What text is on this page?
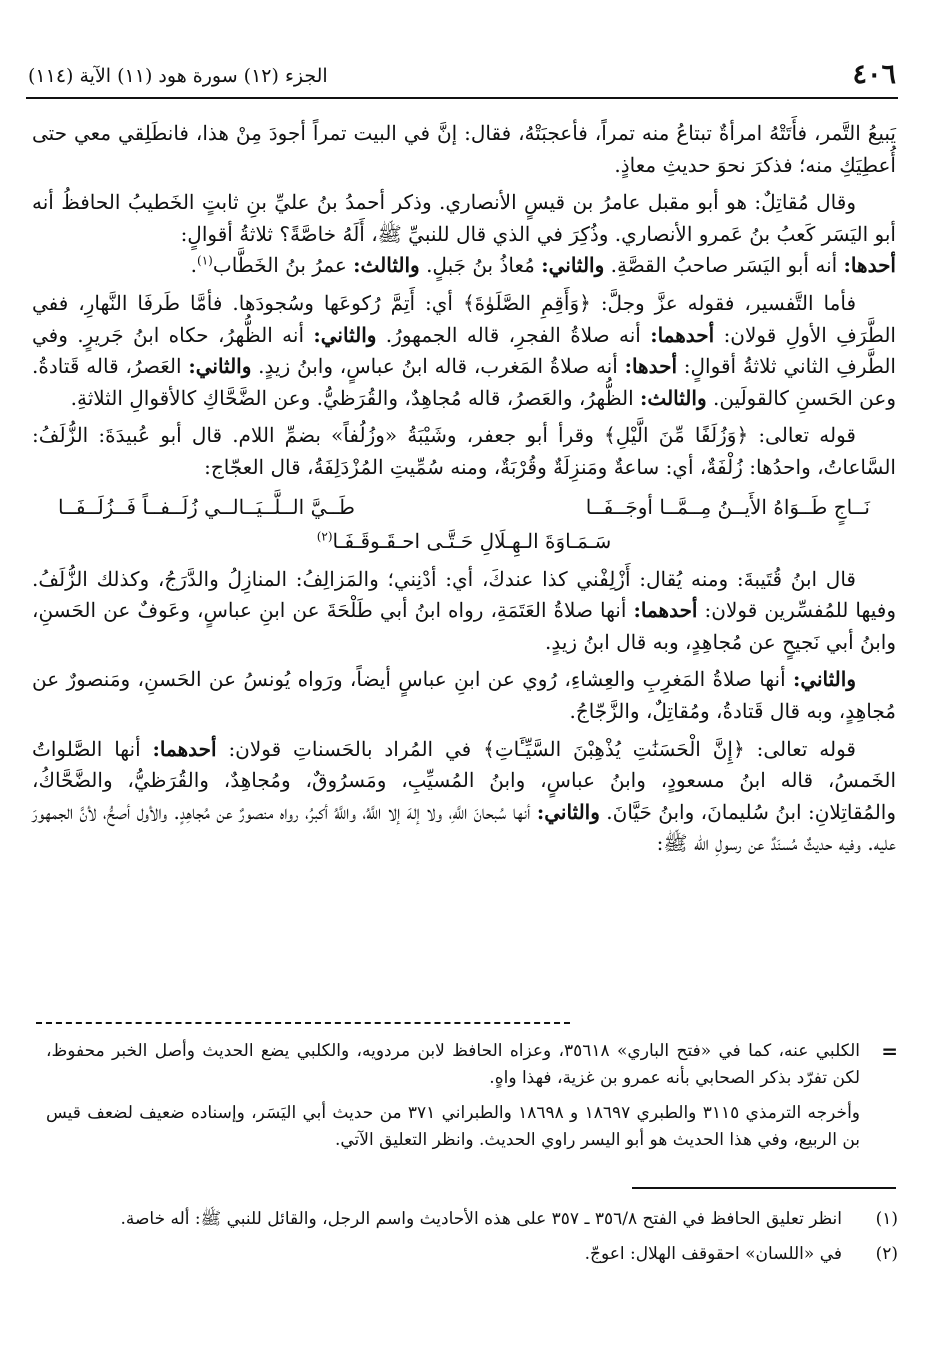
٤٠٦
الجزء (١٢) سورة هود (١١) الآية (١١٤)

يَبيعُ التَّمر، فأَتَتْهُ امرأةٌ تبتاعُ منه تمراً، فأعجبَتْهُ، فقال: إنَّ في البيت تمراً أجودَ مِنْ هذا، فانطَلِقي معي حتى أُعطِيَكِ منه؛ فذكرَ نحوَ حديثِ معاذٍ.

وقال مُقاتِلٌ: هو أبو مقبل عامرُ بن قيسٍ الأنصاري. وذكر أحمدُ بنُ عليِّ بنِ ثابتٍ الخَطيبُ الحافظُ أنه أبو اليَسَر كَعبُ بنُ عَمرو الأنصاري. وذُكِرَ في الذي قال للنبيِّ ﷺ، أَلَهُ خاصَّةً؟ ثلاثةُ أقوالٍ:
أحدها: أنه أبو اليَسَر صاحبُ القصَّةِ. والثاني: مُعاذُ بنُ جَبلٍ. والثالث: عمرُ بنُ الخَطَّاب$^{(١)}$.

فأما التَّفسير، فقوله عزَّ وجلَّ: ﴿وَأَقِمِ الصَّلَوٰةَ﴾ أي: أَتِمَّ رُكوعَها وسُجودَها. فأمَّا طَرفَا النَّهارِ، ففي الطَّرَفِ الأولِ قولان: أحدهما: أنه صلاةُ الفجرِ، قاله الجمهورُ. والثاني: أنه الظُّهرُ، حكاه ابنُ جَريرٍ. وفي الطَّرفِ الثاني ثلاثةُ أقوالٍ: أحدها: أنه صلاةُ المَغرب، قاله ابنُ عباسٍ، وابنُ زيدٍ. والثاني: العَصرُ، قاله قَتادةُ. وعن الحَسنِ كالقولَين. والثالث: الظُّهرُ، والعَصرُ، قاله مُجاهِدٌ، والقُرَظيُّ. وعن الضَّحَّاكِ كالأقوالِ الثلاثةِ.

قوله تعالى: ﴿وَزُلَفًا مِّنَ الَّيْلِ﴾ وقرأ أبو جعفر، وشَيْبَةُ «وزُلُفاً» بضمِّ اللام. قال أبو عُبيدَةَ: الزُّلَفُ: السَّاعاتُ، واحدُها: زُلْفَةٌ، أي: ساعةٌ ومَنزِلَةٌ وقُرْبَةٌ، ومنه سُمِّيتِ المُزْدَلِفَةُ، قال العجّاج:

نَــاجٍ طَــوَاهُ الأَيــنُ مِــمَّــا أوجَــفَــا
طَــيَّ الــلَّــيَــالــي زُلَــفــاً فَــزُلَــفَــا
سَـمَـاوَةَ الـهِـلَالِ حَـتَّـى احـقَـوقَـفَـا$^{(٢)}$

قال ابنُ قُتَيبةَ: ومنه يُقال: أَزْلِفْني كذا عندكَ، أي: أدْنِني؛ والمَزالِفُ: المنازِلُ والدَّرَجُ، وكذلك الزُّلَفُ. وفيها للمُفسِّرين قولان: أحدهما: أنها صلاةُ العَتَمَةِ، رواه ابنُ أبي طَلْحَةَ عن ابنِ عباسٍ، وعَوفٌ عن الحَسنِ، وابنُ أبي نَجيحٍ عن مُجاهِدٍ، وبه قال ابنُ زيدٍ.

والثاني: أنها صلاةُ المَغرِبِ والعِشاءِ، رُوي عن ابنِ عباسٍ أيضاً، ورَواه يُونسُ عن الحَسنِ، ومَنصورٌ عن مُجاهِدٍ، وبه قال قَتادةُ، ومُقاتِلٌ، والزَّجّاجُ.

قوله تعالى: ﴿إِنَّ الْحَسَنَٰتِ يُذْهِبْنَ السَّيِّـَٔاتِ﴾ في المُراد بالحَسناتِ قولان: أحدهما: أنها الصَّلواتُ الخَمسُ، قاله ابنُ مسعودٍ، وابنُ عباسٍ، وابنُ المُسيِّبِ، ومَسرُوقٌ، ومُجاهِدٌ، والقُرَظيُّ، والضَّحَّاكُ، والمُقاتِلانِ: ابنُ سُليمانَ، وابنُ حَيَّانَ. والثاني: أنها سُبحانَ اللَّهِ، ولا إلهَ إلا اللَّهُ، واللَّهُ أكبرُ، رواه منصورٌ عن مُجاهِدٍ. والأول أصحُّ، لأنَّ الجمهورَ عليه. وفيه حديثٌ مُسنَدٌ عن رسولِ الله ﷺ:

=
الكلبي عنه، كما في «فتح الباري» ٣٥٦١٨، وعزاه الحافظ لابن مردويه، والكلبي يضع الحديث وأصل الخبر محفوظ، لكن تفرّد بذكر الصحابي بأنه عمرو بن غزية، فهذا واهٍ.

وأخرجه الترمذي ٣١١٥ والطبري ١٨٦٩٧ و ١٨٦٩٨ والطبراني ٣٧١ من حديث أبي اليَسَر، وإسناده ضعيف لضعف قيس بن الربيع، وفي هذا الحديث هو أبو اليسر راوي الحديث. وانظر التعليق الآتي.

(١)
انظر تعليق الحافظ في الفتح ٣٥٦/٨ ـ ٣٥٧ على هذه الأحاديث واسم الرجل، والقائل للنبي ﷺ: أله خاصة.
(٢)
في «اللسان» احقوقف الهلال: اعوجّ.
